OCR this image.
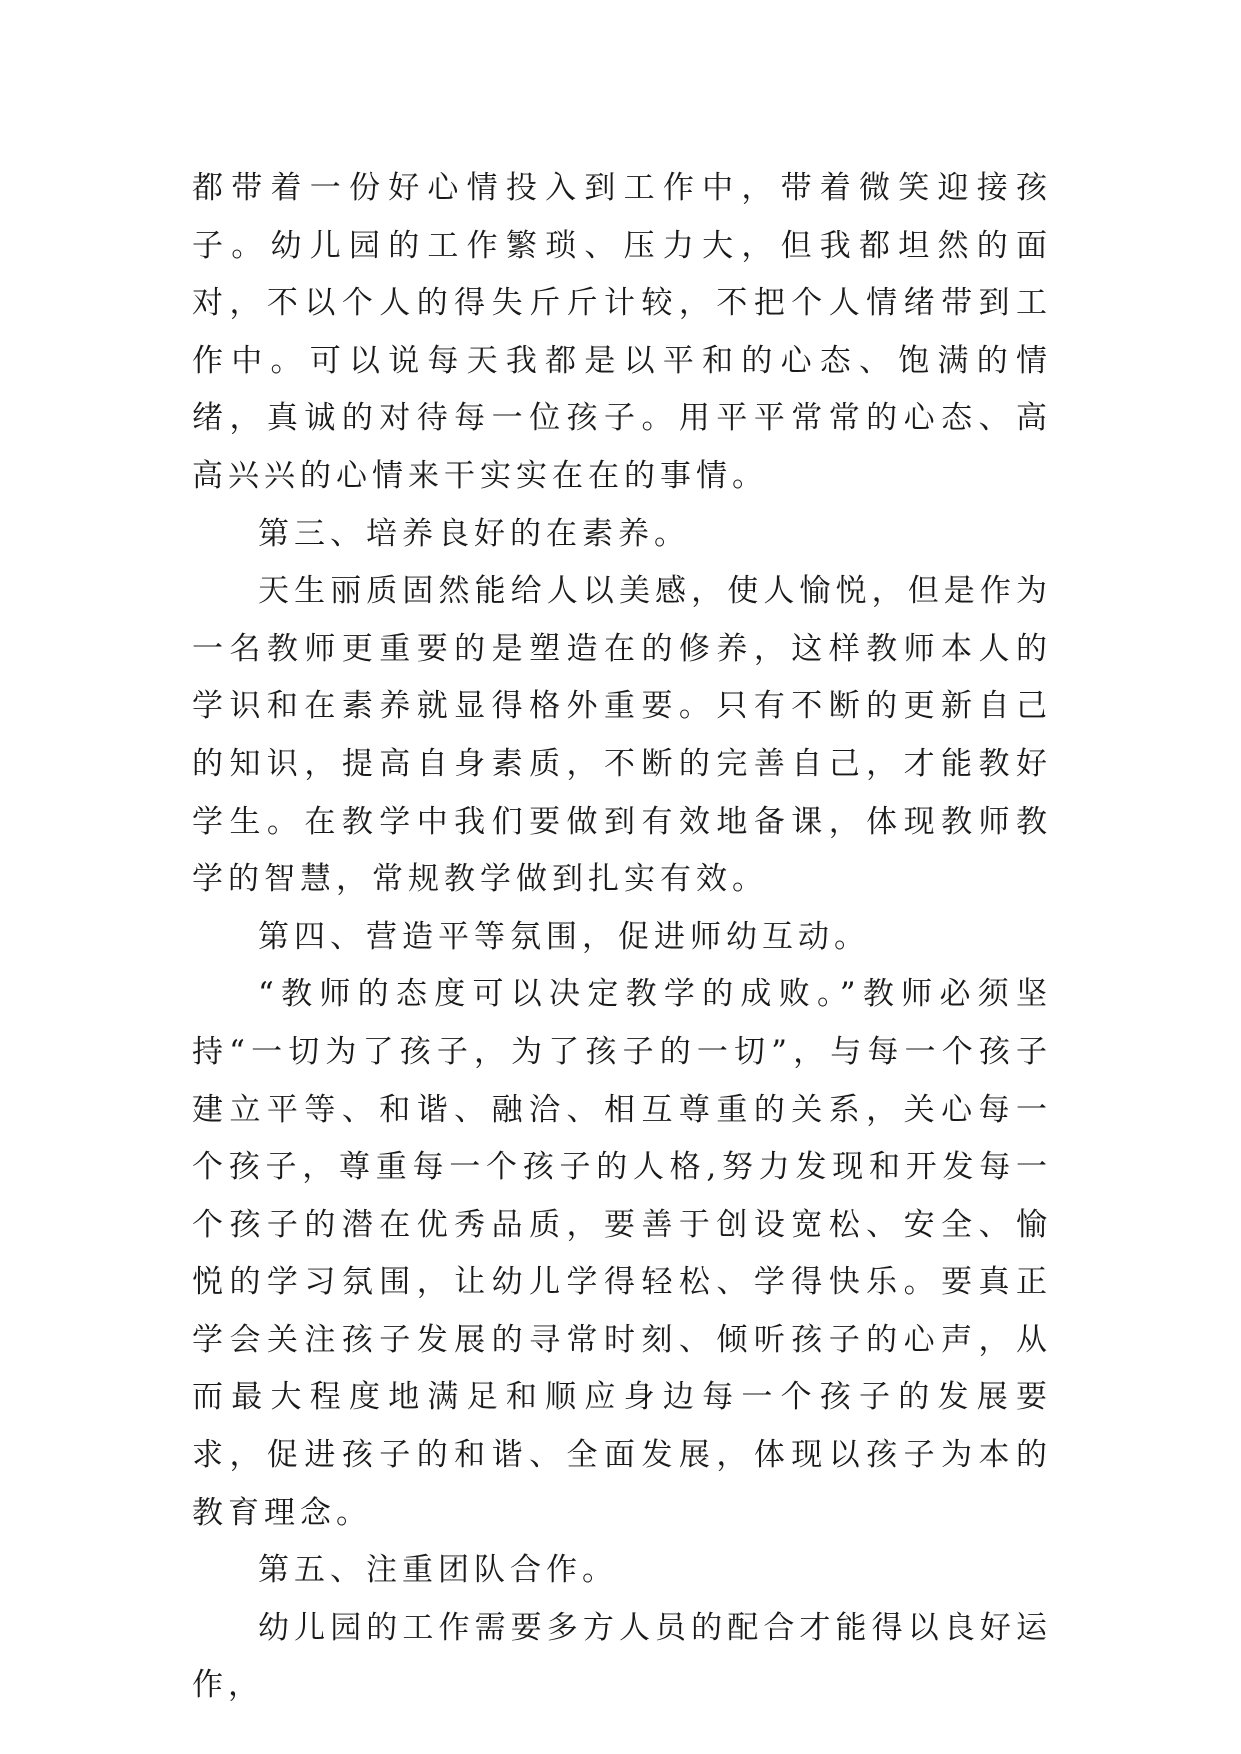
都带着一份好心情投入到工作中，带着微笑迎接孩子。幼儿园的工作繁琐、压力大，但我都坦然的面对，不以个人的得失斤斤计较，不把个人情绪带到工作中。可以说每天我都是以平和的心态、饱满的情绪，真诚的对待每一位孩子。用平平常常的心态、高高兴兴的心情来干实实在在的事情。

第三、培养良好的在素养。

天生丽质固然能给人以美感，使人愉悦，但是作为一名教师更重要的是塑造在的修养，这样教师本人的学识和在素养就显得格外重要。只有不断的更新自己的知识，提高自身素质，不断的完善自己，才能教好学生。在教学中我们要做到有效地备课，体现教师教学的智慧，常规教学做到扎实有效。

第四、营造平等氛围，促进师幼互动。

“教师的态度可以决定教学的成败。”教师必须坚持“一切为了孩子，为了孩子的一切”，与每一个孩子建立平等、和谐、融洽、相互尊重的关系，关心每一个孩子，尊重每一个孩子的人格,努力发现和开发每一个孩子的潜在优秀品质，要善于创设宽松、安全、愉悦的学习氛围，让幼儿学得轻松、学得快乐。要真正学会关注孩子发展的寻常时刻、倾听孩子的心声，从而最大程度地满足和顺应身边每一个孩子的发展要求，促进孩子的和谐、全面发展，体现以孩子为本的教育理念。

第五、注重团队合作。

幼儿园的工作需要多方人员的配合才能得以良好运作，
